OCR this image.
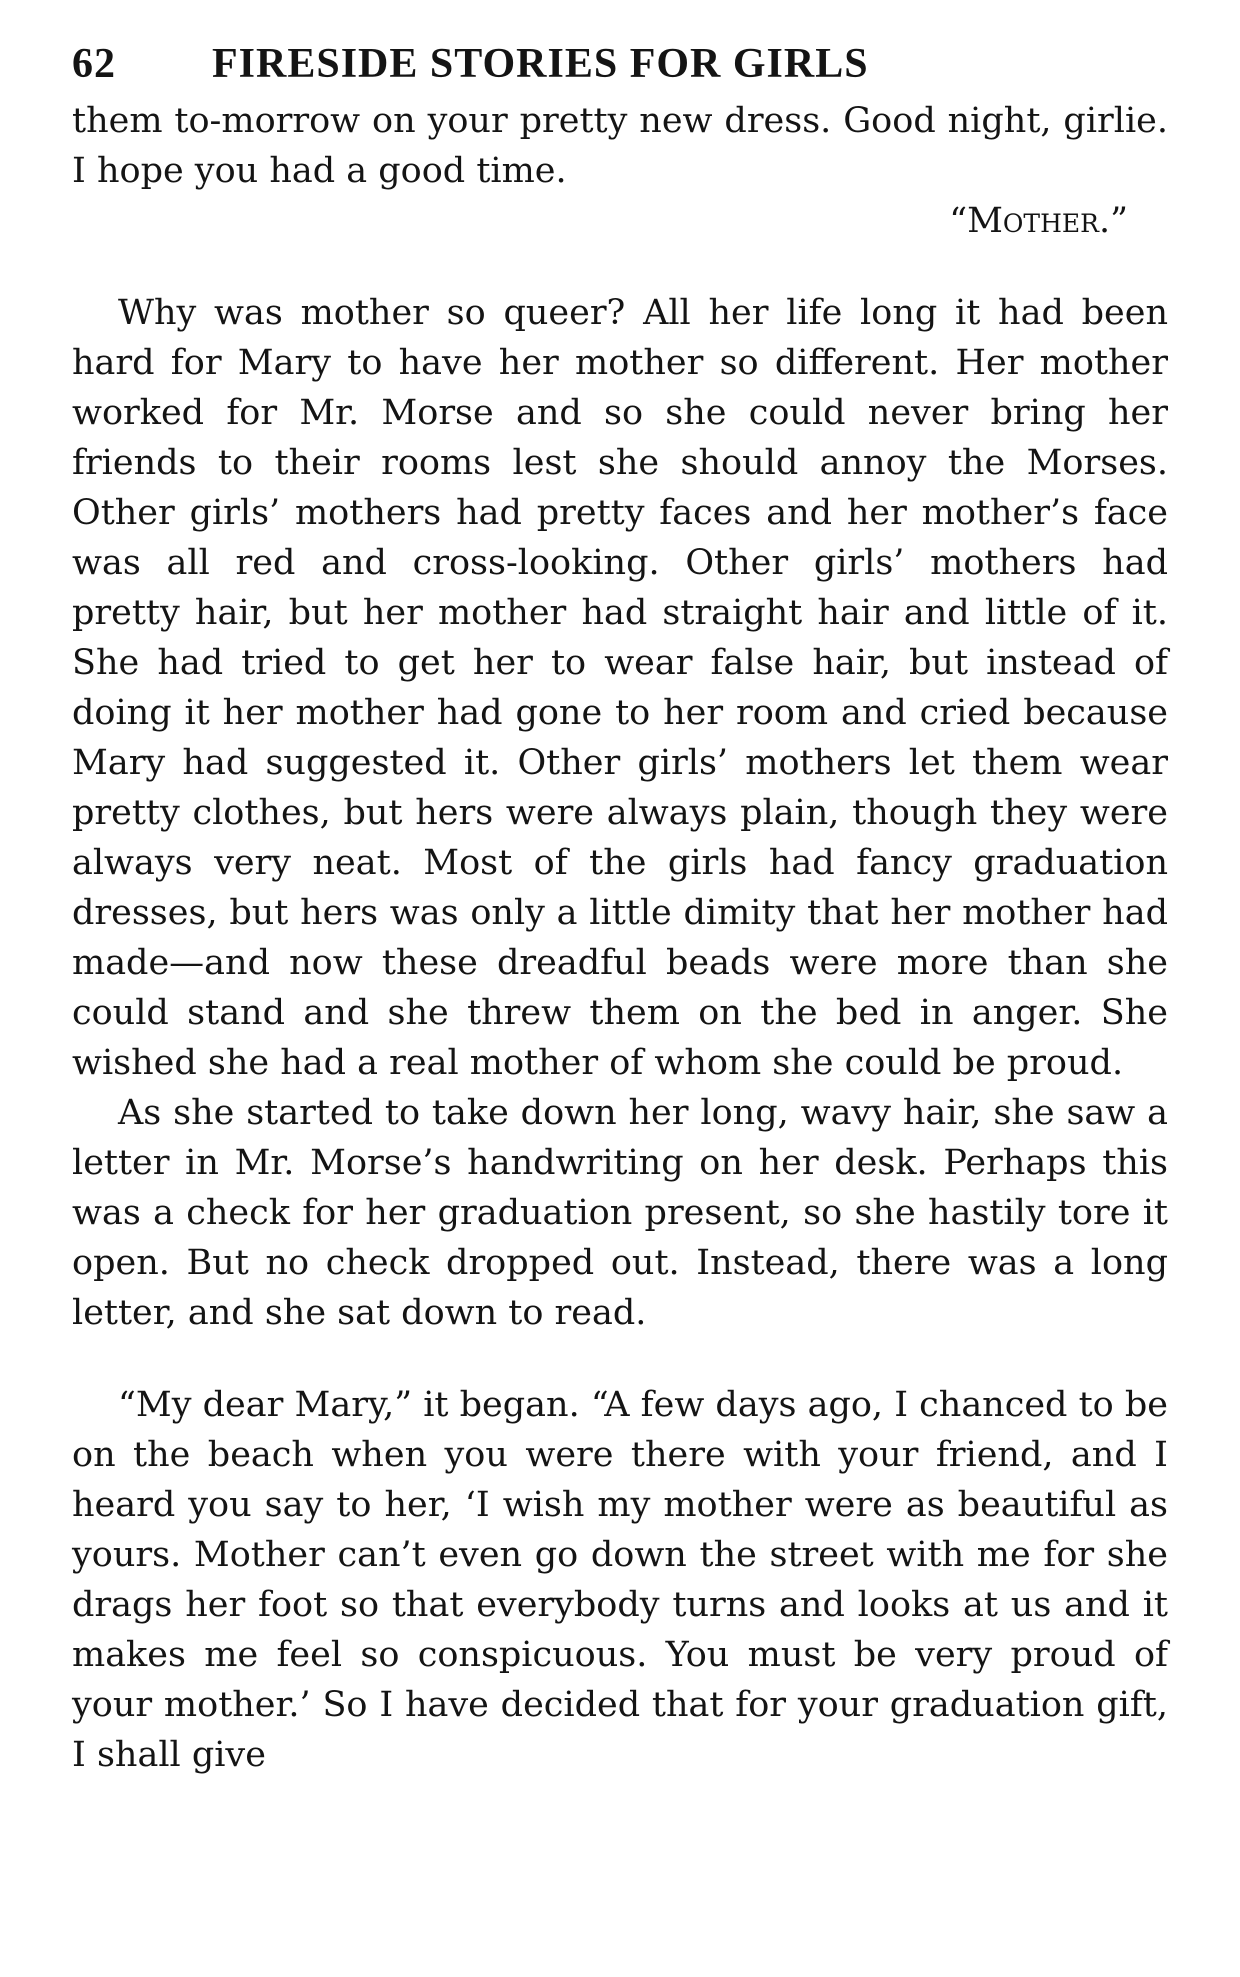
62	FIRESIDE STORIES FOR GIRLS

them to-morrow on your pretty new dress. Good night, girlie. I hope you had a good time.

“Mother.”

Why was mother so queer? All her life long it had been hard for Mary to have her mother so different. Her mother worked for Mr. Morse and so she could never bring her friends to their rooms lest she should annoy the Morses. Other girls’ mothers had pretty faces and her mother’s face was all red and cross-looking. Other girls’ mothers had pretty hair, but her mother had straight hair and little of it. She had tried to get her to wear false hair, but instead of doing it her mother had gone to her room and cried because Mary had suggested it. Other girls’ mothers let them wear pretty clothes, but hers were always plain, though they were always very neat. Most of the girls had fancy graduation dresses, but hers was only a little dimity that her mother had made—and now these dreadful beads were more than she could stand and she threw them on the bed in anger. She wished she had a real mother of whom she could be proud.

As she started to take down her long, wavy hair, she saw a letter in Mr. Morse’s handwriting on her desk. Perhaps this was a check for her graduation present, so she hastily tore it open. But no check dropped out. Instead, there was a long letter, and she sat down to read.

“My dear Mary,” it began. “A few days ago, I chanced to be on the beach when you were there with your friend, and I heard you say to her, ‘I wish my mother were as beautiful as yours. Mother can’t even go down the street with me for she drags her foot so that everybody turns and looks at us and it makes me feel so conspicuous. You must be very proud of your mother.’ So I have decided that for your graduation gift, I shall give
